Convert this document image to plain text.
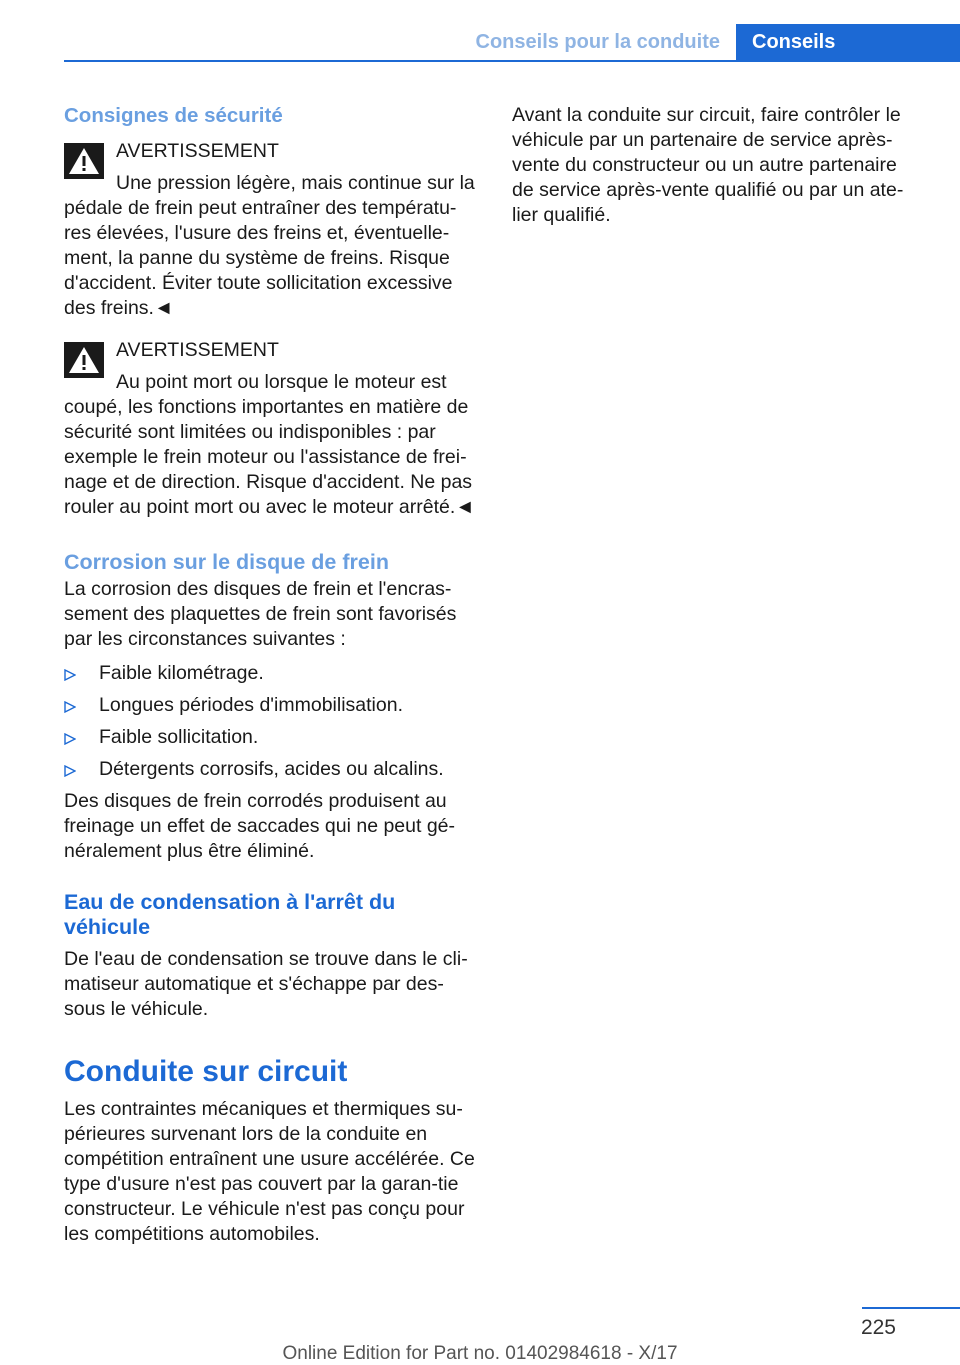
Conseils pour la conduite	Conseils
Consignes de sécurité
AVERTISSEMENT

Une pression légère, mais continue sur la pédale de frein peut entraîner des températu-res élevées, l'usure des freins et, éventuelle-ment, la panne du système de freins. Risque d'accident. Éviter toute sollicitation excessive des freins.◄

AVERTISSEMENT

Au point mort ou lorsque le moteur est coupé, les fonctions importantes en matière de sécurité sont limitées ou indisponibles : par exemple le frein moteur ou l'assistance de frei-nage et de direction. Risque d'accident. Ne pas rouler au point mort ou avec le moteur arrêté.◄

Corrosion sur le disque de frein

La corrosion des disques de frein et l'encras-sement des plaquettes de frein sont favorisés par les circonstances suivantes :

Faible kilométrage.
Longues périodes d'immobilisation.
Faible sollicitation.
Détergents corrosifs, acides ou alcalins.

Des disques de frein corrodés produisent au freinage un effet de saccades qui ne peut gé-néralement plus être éliminé.

Eau de condensation à l'arrêt du véhicule

De l'eau de condensation se trouve dans le cli-matiseur automatique et s'échappe par des-sous le véhicule.

Conduite sur circuit

Les contraintes mécaniques et thermiques su-périeures survenant lors de la conduite en compétition entraînent une usure accélérée. Ce type d'usure n'est pas couvert par la garan-tie constructeur. Le véhicule n'est pas conçu pour les compétitions automobiles.

Avant la conduite sur circuit, faire contrôler le véhicule par un partenaire de service après-vente du constructeur ou un autre partenaire de service après-vente qualifié ou par un ate-lier qualifié.

225
Online Edition for Part no. 01402984618 - X/17
